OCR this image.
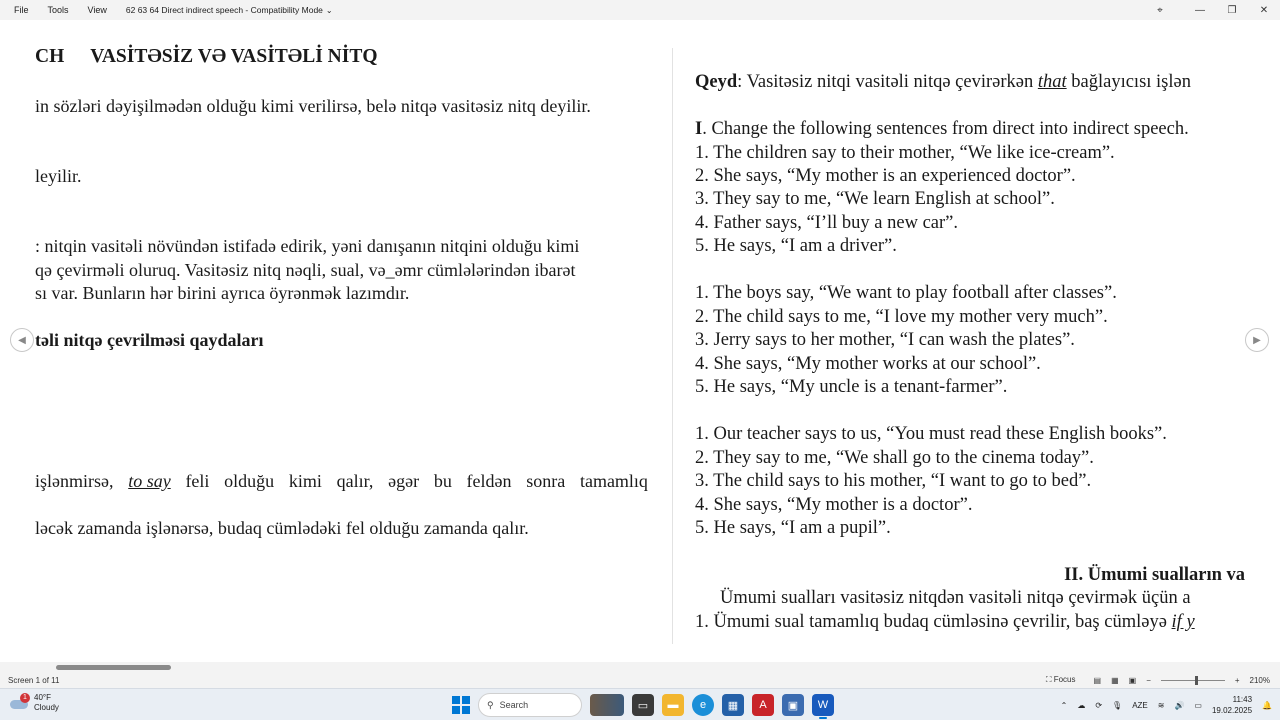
File	Tools	View	62 63 64 Direct indirect speech - Compatibility Mode ⌄	⌖	—	❐	✕
CH VASİTƏSİZ VƏ VASİTƏLİ NİTQ
in sözləri dəyişilmədən olduğu kimi verilirsə, belə nitqə vasitəsiz nitq deyilir.
leyilir.
: nitqin vasitəli növündən istifadə edirik, yəni danışanın nitqini olduğu kimi
qə çevirməli oluruq. Vasitəsiz nitq nəqli, sual, və_əmr cümlələrindən ibarət
sı var. Bunların hər birini ayrıca öyrənmək lazımdır.
təli nitqə çevrilməsi qaydaları
işlənmirsə, to say feli olduğu kimi qalır, əgər bu feldən sonra tamamlıq
ləcək zamanda işlənərsə, budaq cümlədəki fel olduğu zamanda qalır.
Qeyd: Vasitəsiz nitqi vasitəli nitqə çevirərkən that bağlayıcısı işlən
I. Change the following sentences from direct into indirect speech.
1. The children say to their mother, “We like ice-cream”.
2. She says, “My mother is an experienced doctor”.
3. They say to me, “We learn English at school”.
4. Father says, “I’ll buy a new car”.
5. He says, “I am a driver”.
1. The boys say, “We want to play football after classes”.
2. The child says to me, “I love my mother very much”.
3. Jerry says to her mother, “I can wash the plates”.
4. She says, “My mother works at our school”.
5. He says, “My uncle is a tenant-farmer”.
1. Our teacher says to us, “You must read these English books”.
2. They say to me, “We shall go to the cinema today”.
3. The child says to his mother, “I want to go to bed”.
4. She says, “My mother is a doctor”.
5. He says, “I am a pupil”.
II. Ümumi sualların va
Ümumi sualları vasitəsiz nitqdən vasitəli nitqə çevirmək üçün a
1. Ümumi sual tamamlıq budaq cümləsinə çevrilir, baş cümləyə if y
◀	▶
Screen 1 of 11	⛶ Focus ▤ ▦ ▣ −	+ 210%
1 40°F
Cloudy	⚲ Search	▭	▬	e	▦	A	▣	W	⌃ ☁ ⟳ 🎙 AZE ≋ 🔊 ▭
11:43
19.02.2025
🔔
